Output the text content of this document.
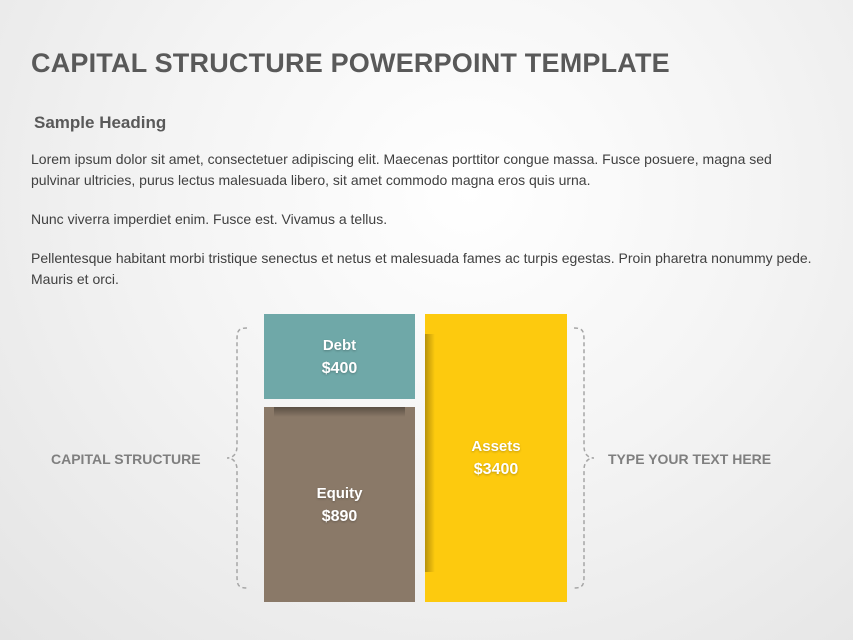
CAPITAL STRUCTURE POWERPOINT TEMPLATE
Sample Heading
Lorem ipsum dolor sit amet, consectetuer adipiscing elit. Maecenas porttitor congue massa. Fusce posuere, magna sed pulvinar ultricies, purus lectus malesuada libero, sit amet commodo magna eros quis urna.
Nunc viverra imperdiet enim. Fusce est. Vivamus a tellus.
Pellentesque habitant morbi tristique senectus et netus et malesuada fames ac turpis egestas. Proin pharetra nonummy pede. Mauris et orci.
CAPITAL STRUCTURE
Debt
$400
Equity
$890
Assets
$3400
TYPE YOUR TEXT HERE
